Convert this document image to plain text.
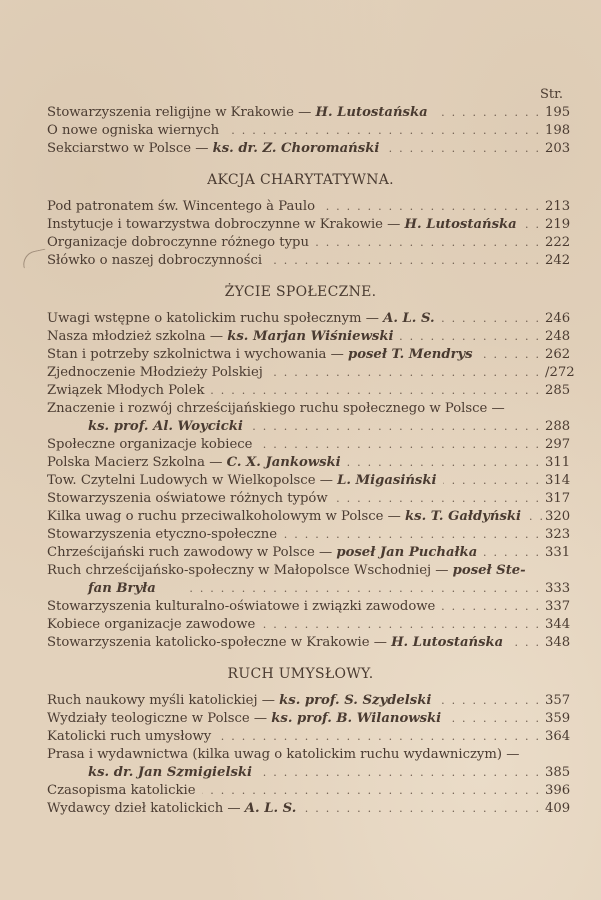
Str.
Stowarzyszenia religijne w Krakowie — H. Lutostańska . .	195
O nowe ogniska wiernych . .	198
Sekciarstwo w Polsce — ks. dr. Z. Choromański . .	203
AKCJA CHARYTATYWNA.
Pod patronatem św. Wincentego à Paulo . .	213
Instytucje i towarzystwa dobroczynne w Krakowie — H. Lutostańska . . 219
Organizacje dobroczynne różnego typu . .	222
Słówko o naszej dobroczynności . .	242
ŻYCIE SPOŁECZNE.
Uwagi wstępne o katolickim ruchu społecznym — A. L. S. . .	246
Nasza młodzież szkolna — ks. Marjan Wiśniewski . .	248
Stan i potrzeby szkolnictwa i wychowania — poseł T. Mendrys . .	262
Zjednoczenie Młodzieży Polskiej . .	/272
Związek Młodych Polek . .	285
Znaczenie i rozwój chrześcijańskiego ruchu społecznego w Polsce —
ks. prof. Al. Woycicki . .	288
Społeczne organizacje kobiece . .	297
Polska Macierz Szkolna — C. X. Jankowski . .	311
Tow. Czytelni Ludowych w Wielkopolsce — L. Migasiński . .	314
Stowarzyszenia oświatowe różnych typów . .	317
Kilka uwag o ruchu przeciwalkoholowym w Polsce — ks. T. Gałdyński . . 320
Stowarzyszenia etyczno-społeczne . .	323
Chrześcijański ruch zawodowy w Polsce — poseł Jan Puchałka . .	331
Ruch chrześcijańsko-społeczny w Małopolsce Wschodniej — poseł Ste-
fan Bryła . .	333
Stowarzyszenia kulturalno-oświatowe i związki zawodowe . .	337
Kobiece organizacje zawodowe . .	344
Stowarzyszenia katolicko-społeczne w Krakowie — H. Lutostańska . .	348
RUCH UMYSŁOWY.
Ruch naukowy myśli katolickiej — ks. prof. S. Szydelski . .	357
Wydziały teologiczne w Polsce — ks. prof. B. Wilanowski . .	359
Katolicki ruch umysłowy . .	364
Prasa i wydawnictwa (kilka uwag o katolickim ruchu wydawniczym) —
ks. dr. Jan Szmigielski . .	385
Czasopisma katolickie . .	396
Wydawcy dzieł katolickich — A. L. S. . .	409
